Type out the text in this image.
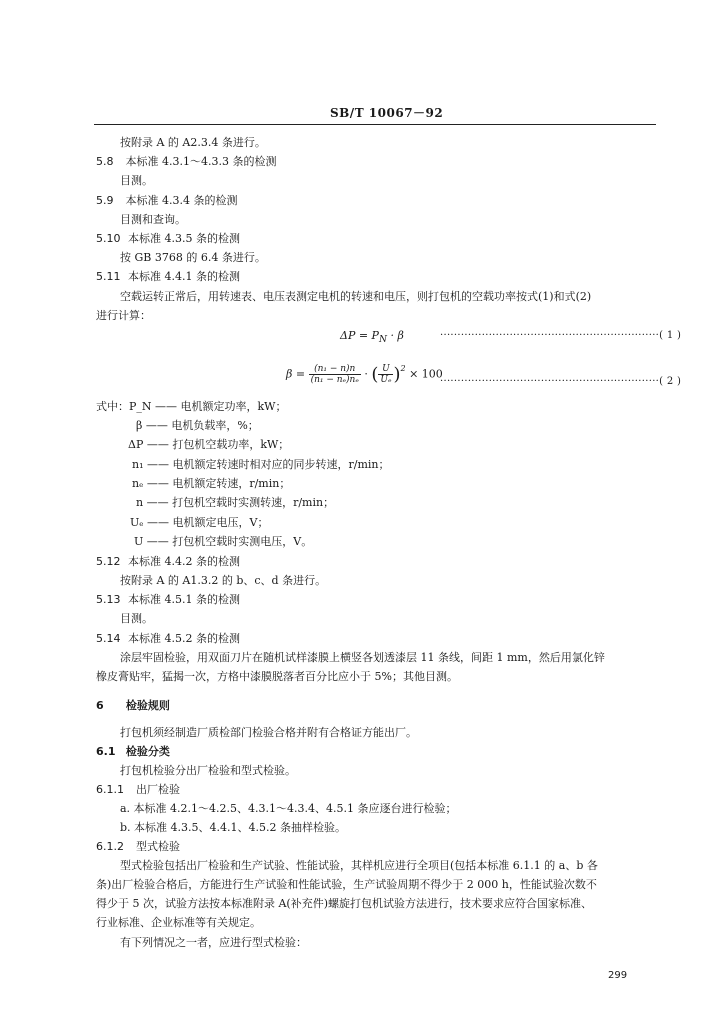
SB/T 10067－92
按附录 A 的 A2.3.4 条进行。
5.8 本标准 4.3.1～4.3.3 条的检测
目测。
5.9 本标准 4.3.4 条的检测
目测和查询。
5.10 本标准 4.3.5 条的检测
按 GB 3768 的 6.4 条进行。
5.11 本标准 4.4.1 条的检测
空载运转正常后，用转速表、电压表测定电机的转速和电压，则打包机的空载功率按式(1)和式(2)
进行计算：
$\Delta P = P_N \cdot \beta$	·······························································( 1 )
$\beta = \frac{\text{(n₁ − n)n}}{\text{(n₁ − nₑ)nₑ}}$ · ( $\frac{U}{\text{Uₑ}} )^2 \times 100$
·······························································( 2 )
式中：P_N —— 电机额定功率，kW；
β —— 电机负载率，%；
ΔP —— 打包机空载功率，kW；
n₁ —— 电机额定转速时相对应的同步转速，r/min；
nₑ —— 电机额定转速，r/min；
n —— 打包机空载时实测转速，r/min；
Uₑ —— 电机额定电压，V；
U —— 打包机空载时实测电压，V。
5.12 本标准 4.4.2 条的检测
按附录 A 的 A1.3.2 的 b、c、d 条进行。
5.13 本标准 4.5.1 条的检测
目测。
5.14 本标准 4.5.2 条的检测
涂层牢固检验，用双面刀片在随机试样漆膜上横竖各划透漆层 11 条线，间距 1 mm，然后用氯化锌
橡皮膏贴牢，猛揭一次，方格中漆膜脱落者百分比应小于 5%；其他目测。
6 检验规则
打包机须经制造厂质检部门检验合格并附有合格证方能出厂。
6.1 检验分类
打包机检验分出厂检验和型式检验。
6.1.1 出厂检验
a. 本标准 4.2.1～4.2.5、4.3.1～4.3.4、4.5.1 条应逐台进行检验；
b. 本标准 4.3.5、4.4.1、4.5.2 条抽样检验。
6.1.2 型式检验
型式检验包括出厂检验和生产试验、性能试验，其样机应进行全项目(包括本标准 6.1.1 的 a、b 各
条)出厂检验合格后，方能进行生产试验和性能试验，生产试验周期不得少于 2 000 h，性能试验次数不
得少于 5 次，试验方法按本标准附录 A(补充件)螺旋打包机试验方法进行，技术要求应符合国家标准、
行业标准、企业标准等有关规定。
有下列情况之一者，应进行型式检验：
299
